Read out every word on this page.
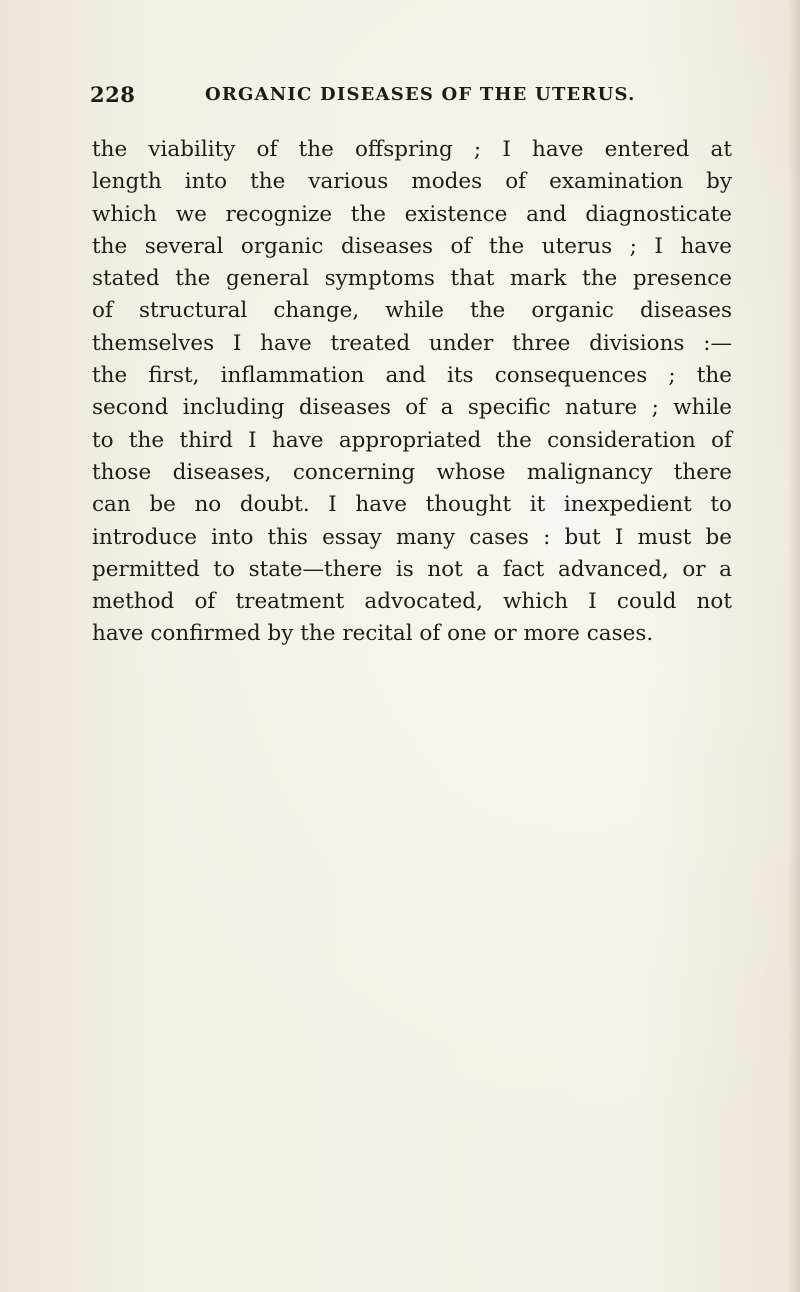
228	ORGANIC DISEASES OF THE UTERUS.
the viability of the offspring ; I have entered at
length into the various modes of examination by
which we recognize the existence and diagnosticate
the several organic diseases of the uterus ; I have
stated the general symptoms that mark the presence
of structural change, while the organic diseases
themselves I have treated under three divisions :—
the first, inflammation and its consequences ; the
second including diseases of a specific nature ; while
to the third I have appropriated the consideration of
those diseases, concerning whose malignancy there
can be no doubt. I have thought it inexpedient to
introduce into this essay many cases : but I must be
permitted to state—there is not a fact advanced, or a
method of treatment advocated, which I could not
have confirmed by the recital of one or more cases.
